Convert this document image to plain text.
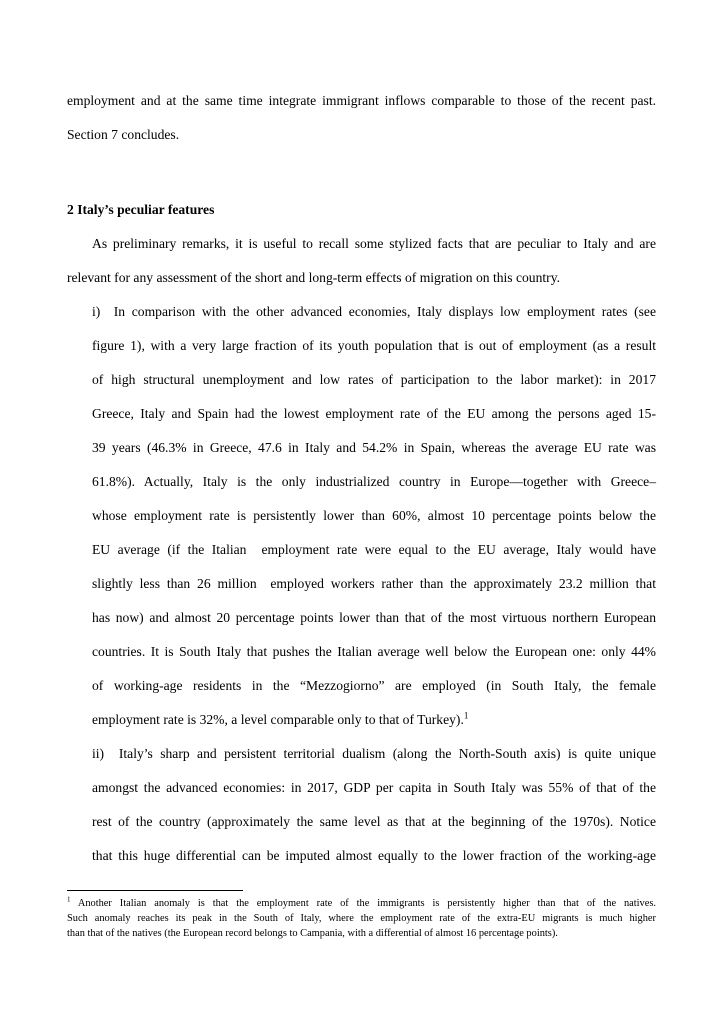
employment and at the same time integrate immigrant inflows comparable to those of the recent past.

Section 7 concludes.

2 Italy’s peculiar features

As preliminary remarks, it is useful to recall some stylized facts that are peculiar to Italy and are

relevant for any assessment of the short and long-term effects of migration on this country.

i)  In comparison with the other advanced economies, Italy displays low employment rates (see

figure 1), with a very large fraction of its youth population that is out of employment (as a result

of high structural unemployment and low rates of participation to the labor market): in 2017

Greece, Italy and Spain had the lowest employment rate of the EU among the persons aged 15-

39 years (46.3% in Greece, 47.6 in Italy and 54.2% in Spain, whereas the average EU rate was

61.8%). Actually, Italy is the only industrialized country in Europe—together with Greece–

whose employment rate is persistently lower than 60%, almost 10 percentage points below the

EU average (if the Italian  employment rate were equal to the EU average, Italy would have

slightly less than 26 million  employed workers rather than the approximately 23.2 million that

has now) and almost 20 percentage points lower than that of the most virtuous northern European

countries. It is South Italy that pushes the Italian average well below the European one: only 44%

of working-age residents in the “Mezzogiorno” are employed (in South Italy, the female

employment rate is 32%, a level comparable only to that of Turkey).$^1$

ii)  Italy’s sharp and persistent territorial dualism (along the North-South axis) is quite unique

amongst the advanced economies: in 2017, GDP per capita in South Italy was 55% of that of the

rest of the country (approximately the same level as that at the beginning of the 1970s). Notice

that this huge differential can be imputed almost equally to the lower fraction of the working-age

$^1$ Another Italian anomaly is that the employment rate of the immigrants is persistently higher than that of the natives.
Such anomaly reaches its peak in the South of Italy, where the employment rate of the extra-EU migrants is much higher
than that of the natives (the European record belongs to Campania, with a differential of almost 16 percentage points).
